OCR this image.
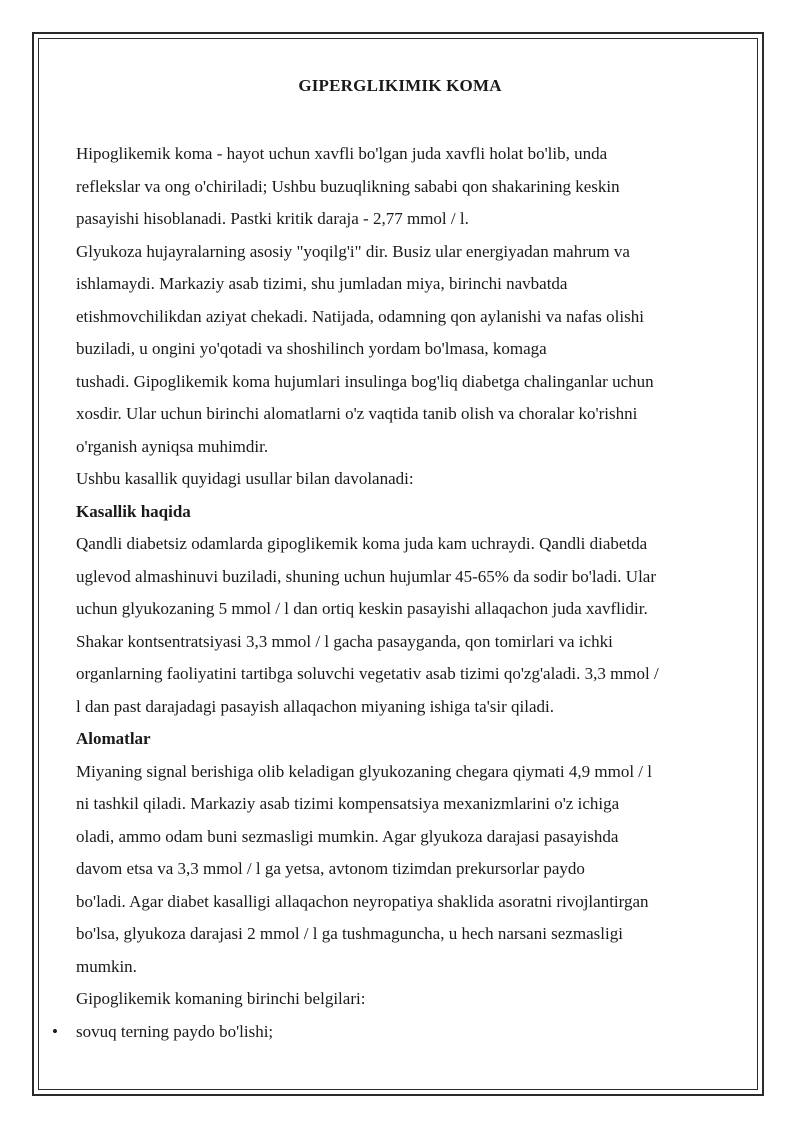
GIPERGLIKIMIK KOMA

Hipoglikemik koma - hayot uchun xavfli bo'lgan juda xavfli holat bo'lib, unda

reflekslar va ong o'chiriladi; Ushbu buzuqlikning sababi qon shakarining keskin

pasayishi hisoblanadi. Pastki kritik daraja - 2,77 mmol / l.

Glyukoza hujayralarning asosiy "yoqilg'i" dir. Busiz ular energiyadan mahrum va

ishlamaydi. Markaziy asab tizimi, shu jumladan miya, birinchi navbatda

etishmovchilikdan aziyat chekadi. Natijada, odamning qon aylanishi va nafas olishi

buziladi, u ongini yo'qotadi va shoshilinch yordam bo'lmasa, komaga

tushadi. Gipoglikemik koma hujumlari insulinga bog'liq diabetga chalinganlar uchun

xosdir. Ular uchun birinchi alomatlarni o'z vaqtida tanib olish va choralar ko'rishni

o'rganish ayniqsa muhimdir.

Ushbu kasallik quyidagi usullar bilan davolanadi:

Kasallik haqida

Qandli diabetsiz odamlarda gipoglikemik koma juda kam uchraydi. Qandli diabetda

uglevod almashinuvi buziladi, shuning uchun hujumlar 45-65% da sodir bo'ladi. Ular

uchun glyukozaning 5 mmol / l dan ortiq keskin pasayishi allaqachon juda xavflidir.

Shakar kontsentratsiyasi 3,3 mmol / l gacha pasayganda, qon tomirlari va ichki

organlarning faoliyatini tartibga soluvchi vegetativ asab tizimi qo'zg'aladi. 3,3 mmol /

l dan past darajadagi pasayish allaqachon miyaning ishiga ta'sir qiladi.

Alomatlar

Miyaning signal berishiga olib keladigan glyukozaning chegara qiymati 4,9 mmol / l

ni tashkil qiladi. Markaziy asab tizimi kompensatsiya mexanizmlarini o'z ichiga

oladi, ammo odam buni sezmasligi mumkin. Agar glyukoza darajasi pasayishda

davom etsa va 3,3 mmol / l ga yetsa, avtonom tizimdan prekursorlar paydo

bo'ladi. Agar diabet kasalligi allaqachon neyropatiya shaklida asoratni rivojlantirgan

bo'lsa, glyukoza darajasi 2 mmol / l ga tushmaguncha, u hech narsani sezmasligi

mumkin.

Gipoglikemik komaning birinchi belgilari:

• sovuq terning paydo bo'lishi;
